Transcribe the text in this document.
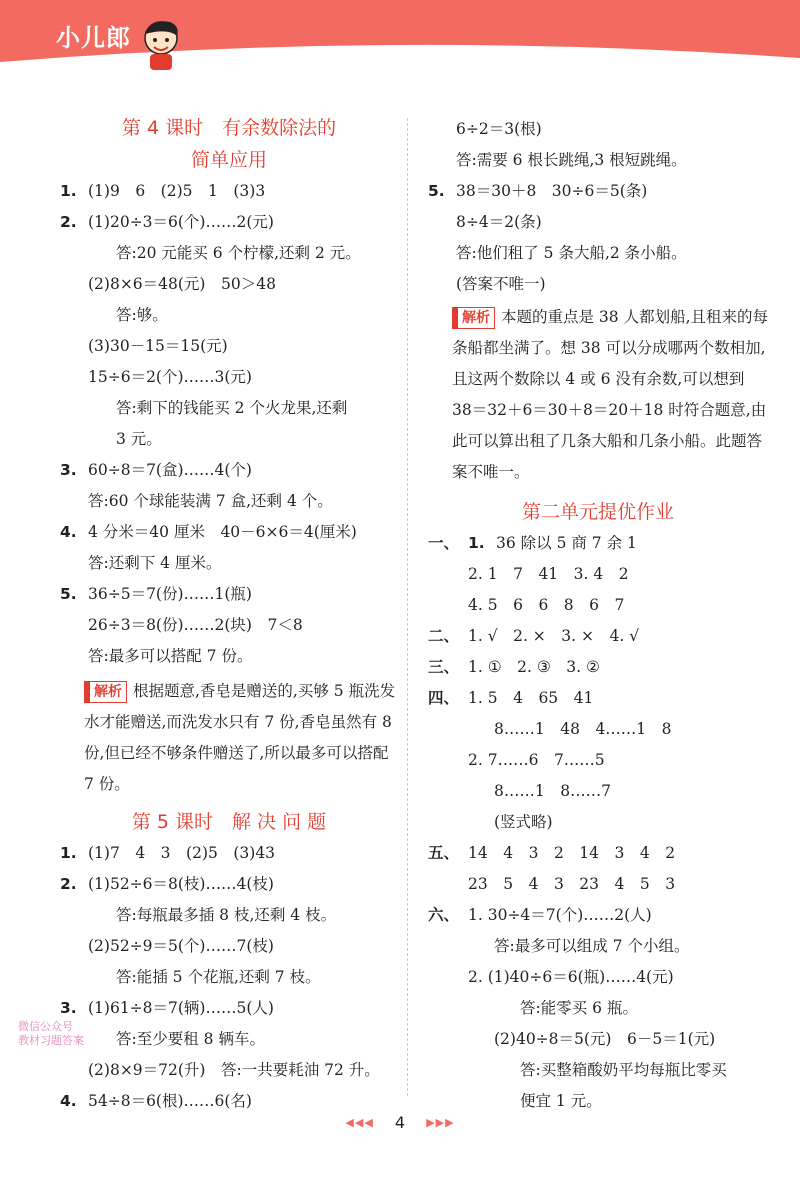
小儿郎
5·3天天练
第 4 课时　有余数除法的
简单应用
1. (1)9　6　(2)5　1　(3)3
2. (1)20÷3＝6(个)……2(元)
答:20 元能买 6 个柠檬,还剩 2 元。
(2)8×6＝48(元)　50＞48
答:够。
(3)30－15＝15(元)
15÷6＝2(个)……3(元)
答:剩下的钱能买 2 个火龙果,还剩
3 元。
3. 60÷8＝7(盒)……4(个)
答:60 个球能装满 7 盒,还剩 4 个。
4. 4 分米＝40 厘米　40－6×6＝4(厘米)
答:还剩下 4 厘米。
5. 36÷5＝7(份)……1(瓶)
26÷3＝8(份)……2(块)　7＜8
答:最多可以搭配 7 份。
解析 根据题意,香皂是赠送的,买够 5 瓶洗发水才能赠送,而洗发水只有 7 份,香皂虽然有 8 份,但已经不够条件赠送了,所以最多可以搭配 7 份。
第 5 课时　解 决 问 题
1. (1)7　4　3　(2)5　(3)43
2. (1)52÷6＝8(枝)……4(枝)
答:每瓶最多插 8 枝,还剩 4 枝。
(2)52÷9＝5(个)……7(枝)
答:能插 5 个花瓶,还剩 7 枝。
3. (1)61÷8＝7(辆)……5(人)
答:至少要租 8 辆车。
(2)8×9＝72(升)　答:一共要耗油 72 升。
4. 54÷8＝6(根)……6(名)
6÷2＝3(根)
答:需要 6 根长跳绳,3 根短跳绳。
5. 38＝30＋8　30÷6＝5(条)
8÷4＝2(条)
答:他们租了 5 条大船,2 条小船。
(答案不唯一)
解析 本题的重点是 38 人都划船,且租来的每条船都坐满了。想 38 可以分成哪两个数相加,且这两个数除以 4 或 6 没有余数,可以想到 38＝32＋6＝30＋8＝20＋18 时符合题意,由此可以算出租了几条大船和几条小船。此题答案不唯一。
第二单元提优作业
一、 1. 36 除以 5 商 7 余 1
2. 1　7　41　3. 4　2
4. 5　6　6　8　6　7
二、 1. √　2. ×　3. ×　4. √
三、 1. ①　2. ③　3. ②
四、 1. 5　4　65　41
8……1　48　4……1　8
2. 7……6　7……5
8……1　8……7
(竖式略)
五、 14　4　3　2　14　3　4　2
23　5　4　3　23　4　5　3
六、 1. 30÷4＝7(个)……2(人)
答:最多可以组成 7 个小组。
2. (1)40÷6＝6(瓶)……4(元)
答:能零买 6 瓶。
(2)40÷8＝5(元)　6－5＝1(元)
答:买整箱酸奶平均每瓶比零买
便宜 1 元。
微信公众号
教材习题答案
◀◀◀ 4 ▶▶▶
